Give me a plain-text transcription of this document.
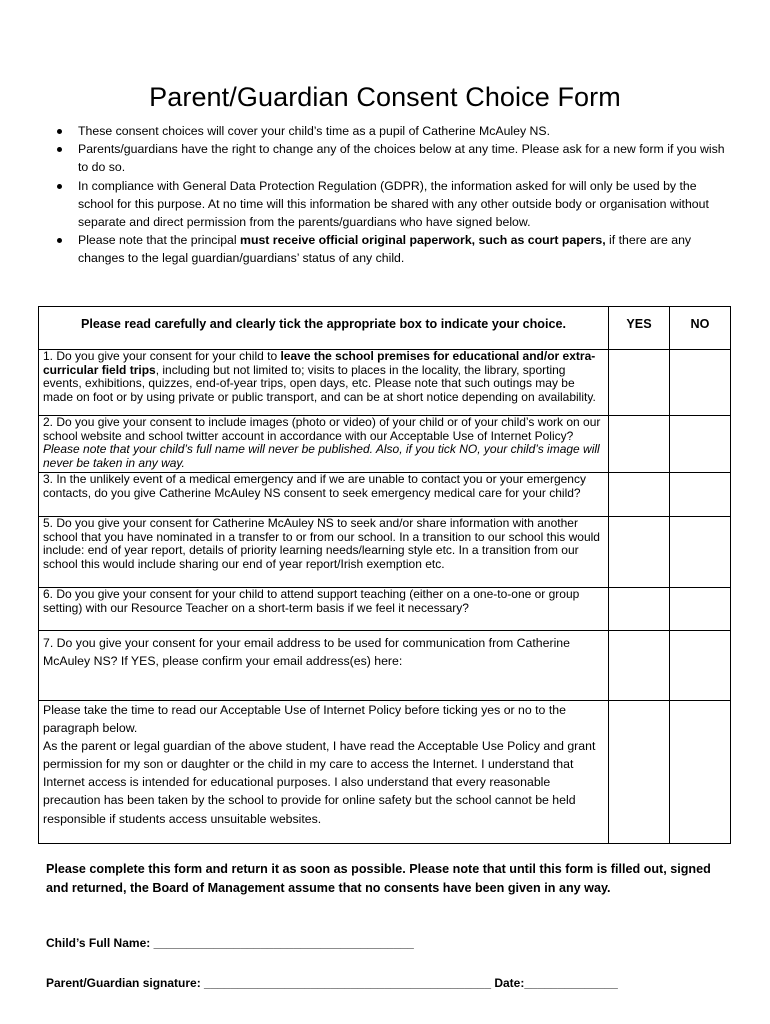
Parent/Guardian Consent Choice Form
These consent choices will cover your child’s time as a pupil of Catherine McAuley NS.
Parents/guardians have the right to change any of the choices below at any time. Please ask for a new form if you wish to do so.
In compliance with General Data Protection Regulation (GDPR), the information asked for will only be used by the school for this purpose. At no time will this information be shared with any other outside body or organisation without separate and direct permission from the parents/guardians who have signed below.
Please note that the principal must receive official original paperwork, such as court papers, if there are any changes to the legal guardian/guardians’ status of any child.
Please read carefully and clearly tick the appropriate box to indicate your choice.	YES	NO
1. Do you give your consent for your child to leave the school premises for educational and/or extra-curricular field trips, including but not limited to; visits to places in the locality, the library, sporting events, exhibitions, quizzes, end-of-year trips, open days, etc. Please note that such outings may be made on foot or by using private or public transport, and can be at short notice depending on availability.		
2. Do you give your consent to include images (photo or video) of your child or of your child’s work on our school website and school twitter account in accordance with our Acceptable Use of Internet Policy? Please note that your child’s full name will never be published. Also, if you tick NO, your child’s image will never be taken in any way.		
3. In the unlikely event of a medical emergency and if we are unable to contact you or your emergency contacts, do you give Catherine McAuley NS consent to seek emergency medical care for your child?		
5. Do you give your consent for Catherine McAuley NS to seek and/or share information with another school that you have nominated in a transfer to or from our school. In a transition to our school this would include: end of year report, details of priority learning needs/learning style etc. In a transition from our school this would include sharing our end of year report/Irish exemption etc.		
6. Do you give your consent for your child to attend support teaching (either on a one-to-one or group setting) with our Resource Teacher on a short-term basis if we feel it necessary?		
7. Do you give your consent for your email address to be used for communication from Catherine McAuley NS? If YES, please confirm your email address(es) here:		
Please take the time to read our Acceptable Use of Internet Policy before ticking yes or no to the paragraph below.
As the parent or legal guardian of the above student, I have read the Acceptable Use Policy and grant permission for my son or daughter or the child in my care to access the Internet. I understand that Internet access is intended for educational purposes. I also understand that every reasonable precaution has been taken by the school to provide for online safety but the school cannot be held responsible if students access unsuitable websites.		
Please complete this form and return it as soon as possible. Please note that until this form is filled out, signed and returned, the Board of Management assume that no consents have been given in any way.
Child’s Full Name: _______________________________________
Parent/Guardian signature: ___________________________________________ Date:______________
